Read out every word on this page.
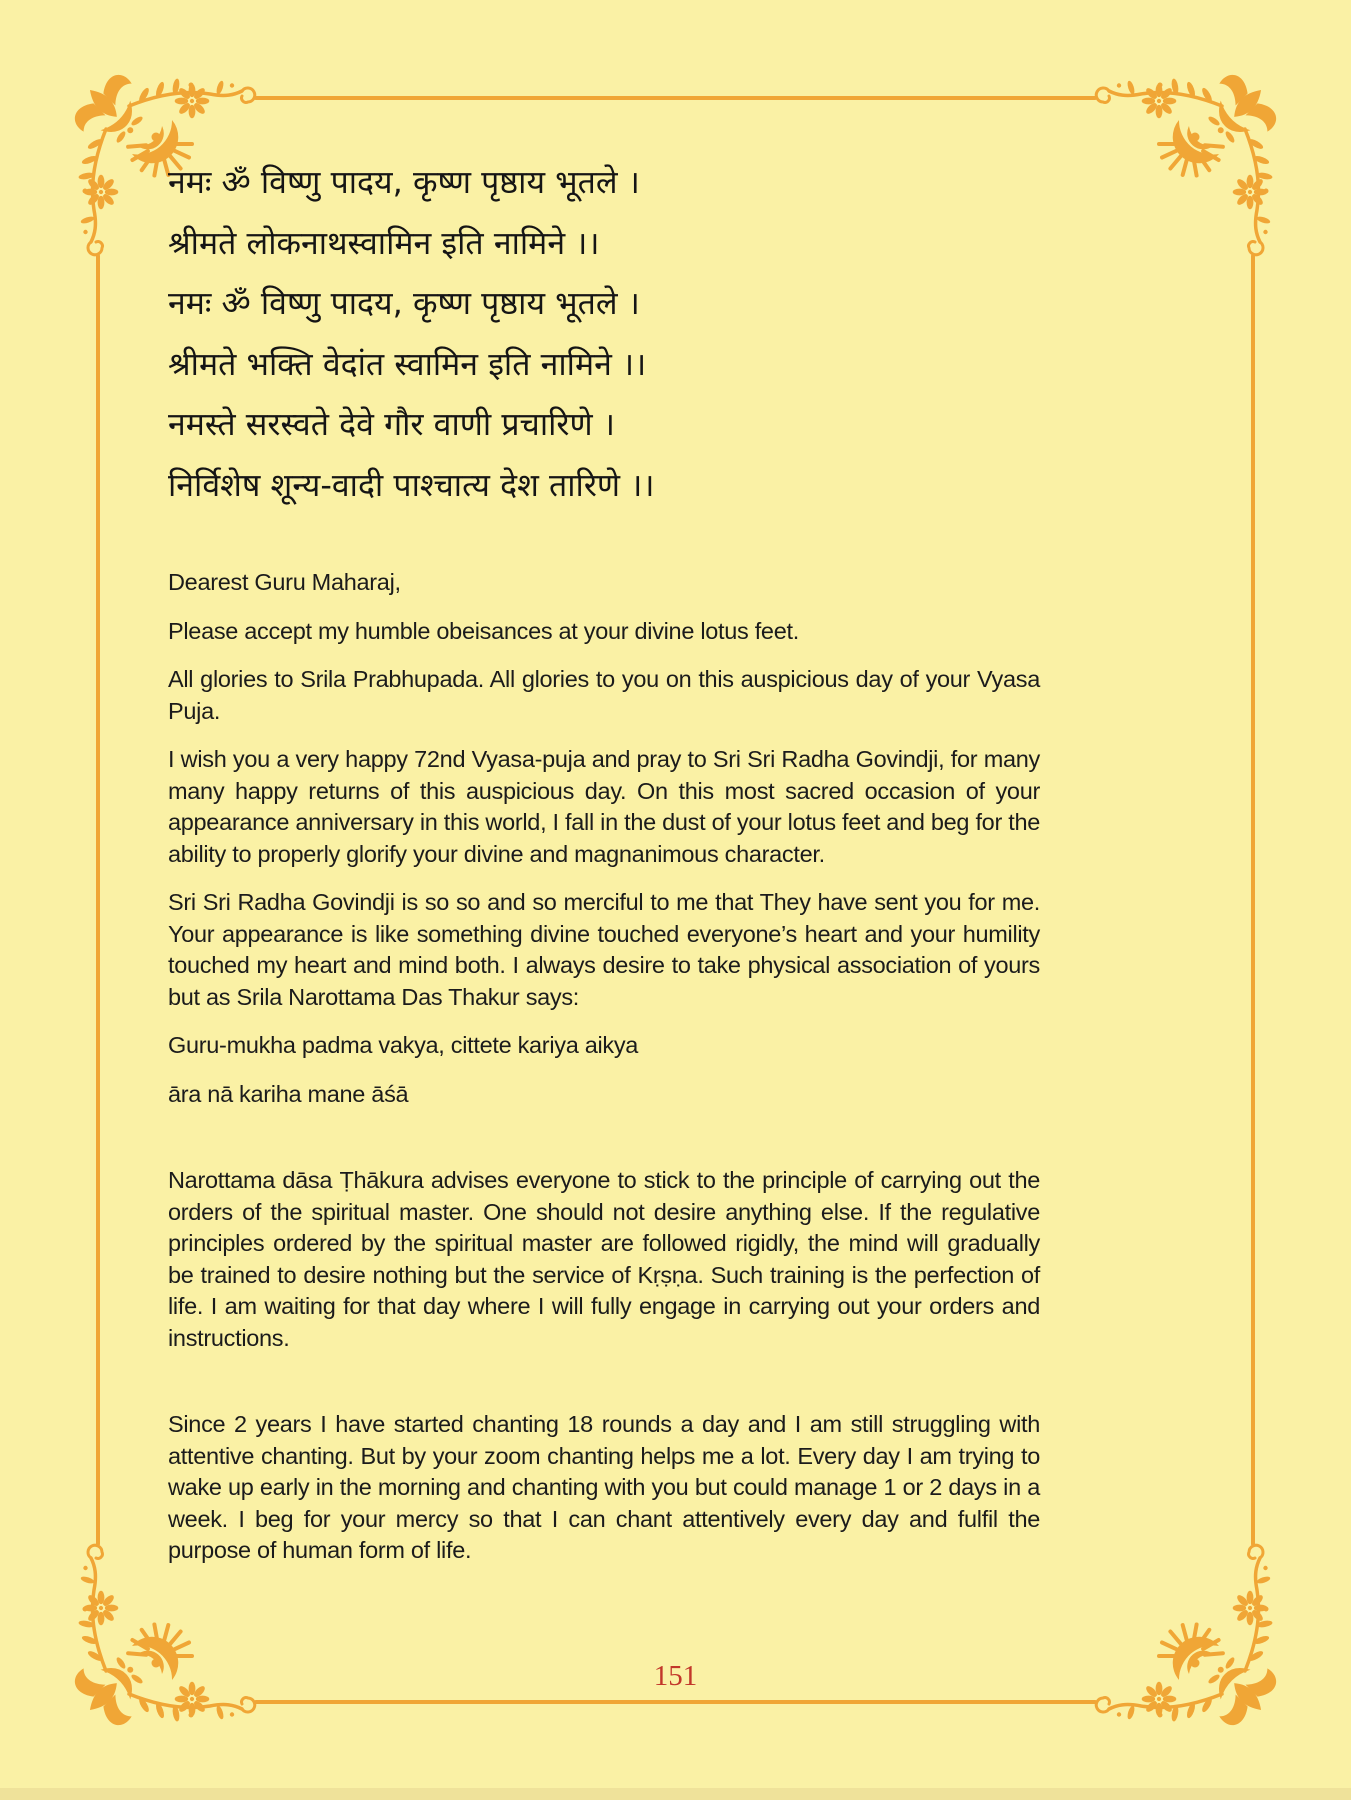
नमः ॐ विष्णु पादय, कृष्ण पृष्ठाय भूतले ।
श्रीमते लोकनाथस्वामिन इति नामिने ।।
नमः ॐ विष्णु पादय, कृष्ण पृष्ठाय भूतले ।
श्रीमते भक्ति वेदांत स्वामिन इति नामिने ।।
नमस्ते सरस्वते देवे गौर वाणी प्रचारिणे ।
निर्विशेष शून्य-वादी पाश्चात्य देश तारिणे ।।

Dearest Guru Maharaj,

Please accept my humble obeisances at your divine lotus feet.

All glories to Srila Prabhupada. All glories to you on this auspicious day of your Vyasa Puja.

I wish you a very happy 72nd Vyasa-puja and pray to Sri Sri Radha Govindji, for many many happy returns of this auspicious day. On this most sacred occasion of your appearance anniversary in this world, I fall in the dust of your lotus feet and beg for the ability to properly glorify your divine and magnanimous character.

Sri Sri Radha Govindji is so so and so merciful to me that They have sent you for me. Your appearance is like something divine touched everyone’s heart and your humility touched my heart and mind both. I always desire to take physical association of yours but as Srila Narottama Das Thakur says:

Guru-mukha padma vakya, cittete kariya aikya

āra nā kariha mane āśā

Narottama dāsa Ṭhākura advises everyone to stick to the principle of carrying out the orders of the spiritual master. One should not desire anything else. If the regulative principles ordered by the spiritual master are followed rigidly, the mind will gradually be trained to desire nothing but the service of Kṛṣṇa. Such training is the perfection of life. I am waiting for that day where I will fully engage in carrying out your orders and instructions.

Since 2 years I have started chanting 18 rounds a day and I am still struggling with attentive chanting. But by your zoom chanting helps me a lot. Every day I am trying to wake up early in the morning and chanting with you but could manage 1 or 2 days in a week. I beg for your mercy so that I can chant attentively every day and fulfil the purpose of human form of life.

151
